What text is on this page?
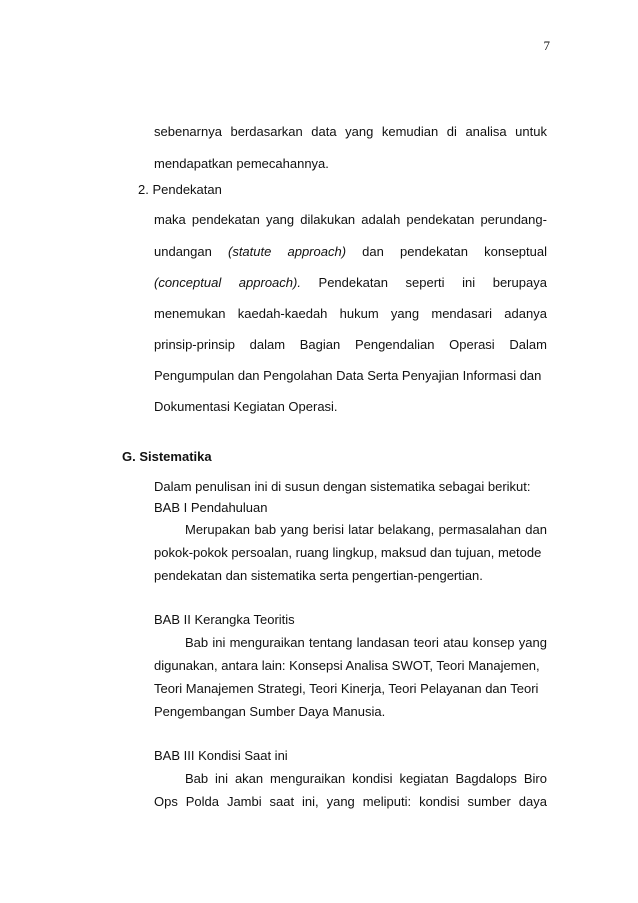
7
sebenarnya berdasarkan data yang kemudian di analisa untuk
mendapatkan pemecahannya.
2. Pendekatan
maka pendekatan yang dilakukan adalah pendekatan perundang-
undangan (statute approach) dan pendekatan konseptual
(conceptual approach). Pendekatan seperti ini berupaya
menemukan kaedah-kaedah hukum yang mendasari adanya
prinsip-prinsip dalam Bagian Pengendalian Operasi Dalam
Pengumpulan dan Pengolahan Data Serta Penyajian Informasi dan
Dokumentasi Kegiatan Operasi.
G. Sistematika
Dalam penulisan ini di susun dengan sistematika sebagai berikut:
BAB I Pendahuluan
Merupakan bab yang berisi latar belakang, permasalahan dan
pokok-pokok persoalan, ruang lingkup, maksud dan tujuan, metode
pendekatan dan sistematika serta pengertian-pengertian.
BAB II Kerangka Teoritis
Bab ini menguraikan tentang landasan teori atau konsep yang
digunakan, antara lain: Konsepsi Analisa SWOT, Teori Manajemen,
Teori Manajemen Strategi, Teori Kinerja, Teori Pelayanan dan Teori
Pengembangan Sumber Daya Manusia.
BAB III Kondisi Saat ini
Bab ini akan menguraikan kondisi kegiatan Bagdalops Biro
Ops Polda Jambi saat ini, yang meliputi: kondisi sumber daya
